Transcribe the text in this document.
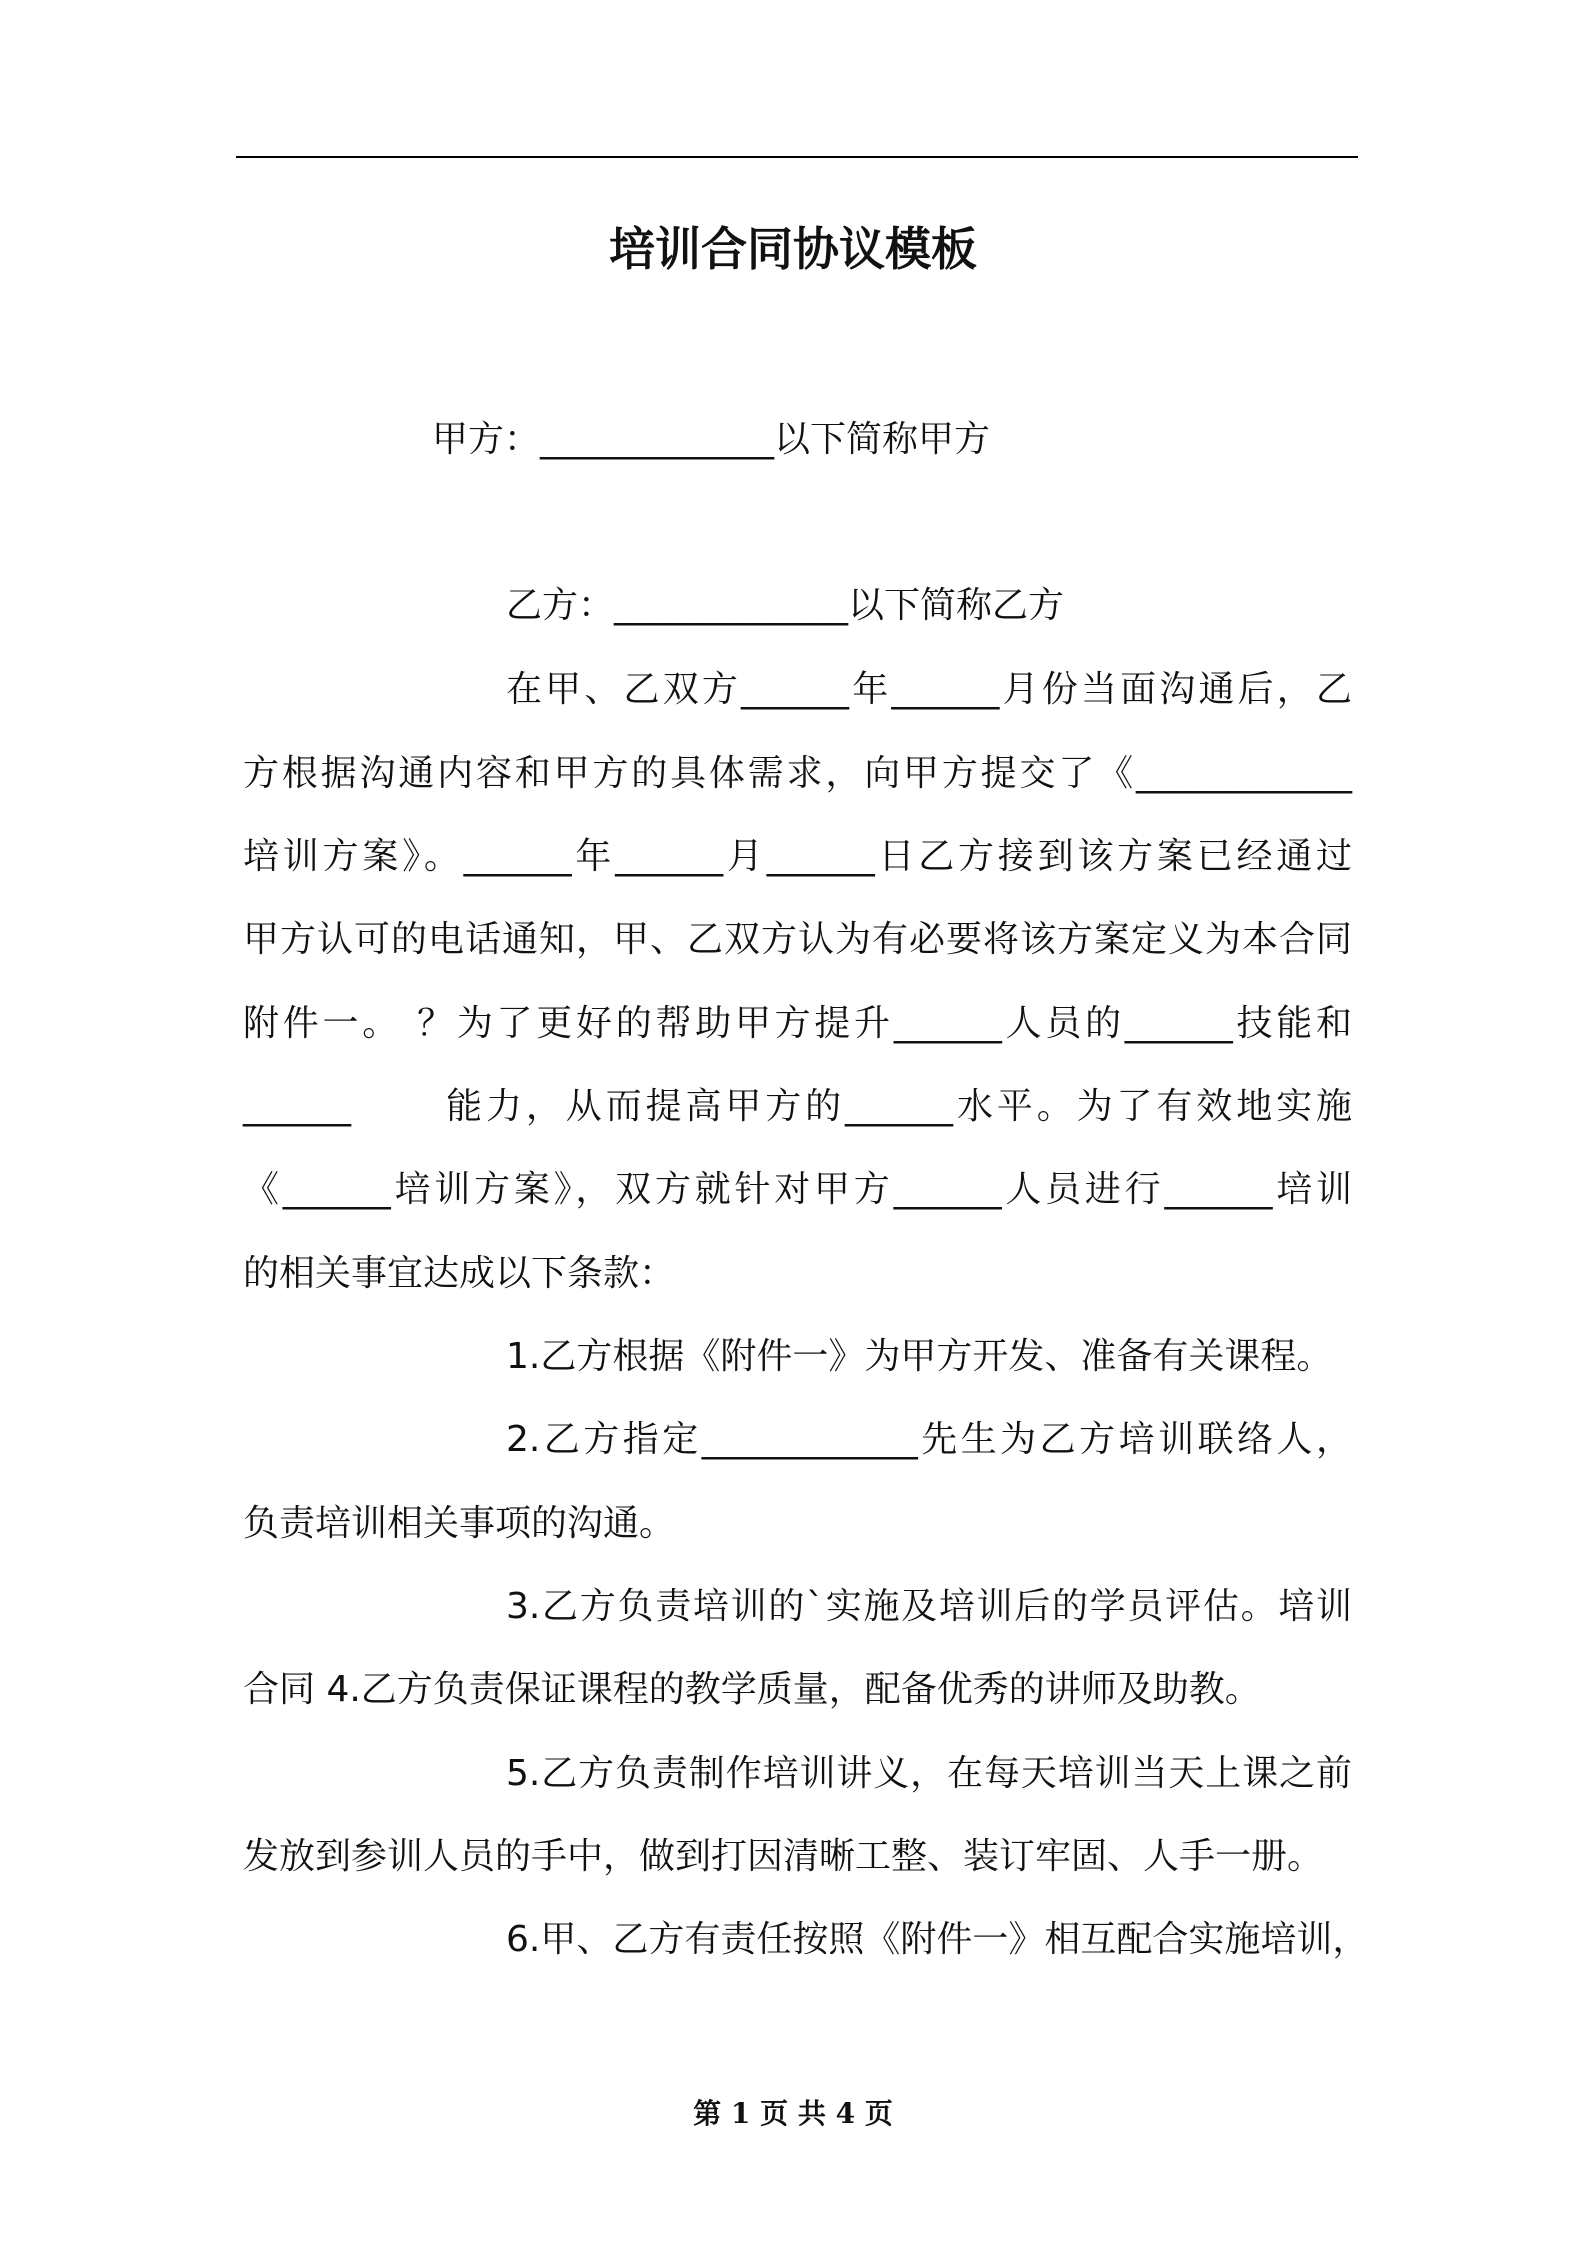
培训合同协议模板

甲方：_____________以下简称甲方

乙方：_____________以下简称乙方

在甲、乙双方______年______月份当面沟通后，乙

方根据沟通内容和甲方的具体需求，向甲方提交了《____________

培训方案》。______年______月______日乙方接到该方案已经通过

甲方认可的电话通知，甲、乙双方认为有必要将该方案定义为本合同

附件一。 ？为了更好的帮助甲方提升______人员的______技能和

______ 　　能力，从而提高甲方的______水平。为了有效地实施

《______培训方案》，双方就针对甲方______人员进行______培训

的相关事宜达成以下条款：

1.乙方根据《附件一》为甲方开发、准备有关课程。

2.乙方指定____________先生为乙方培训联络人，

负责培训相关事项的沟通。

3.乙方负责培训的`实施及培训后的学员评估。培训

合同 4.乙方负责保证课程的教学质量，配备优秀的讲师及助教。

5.乙方负责制作培训讲义，在每天培训当天上课之前

发放到参训人员的手中，做到打因清晰工整、装订牢固、人手一册。

6.甲、乙方有责任按照《附件一》相互配合实施培训，

第 1 页 共 4 页
